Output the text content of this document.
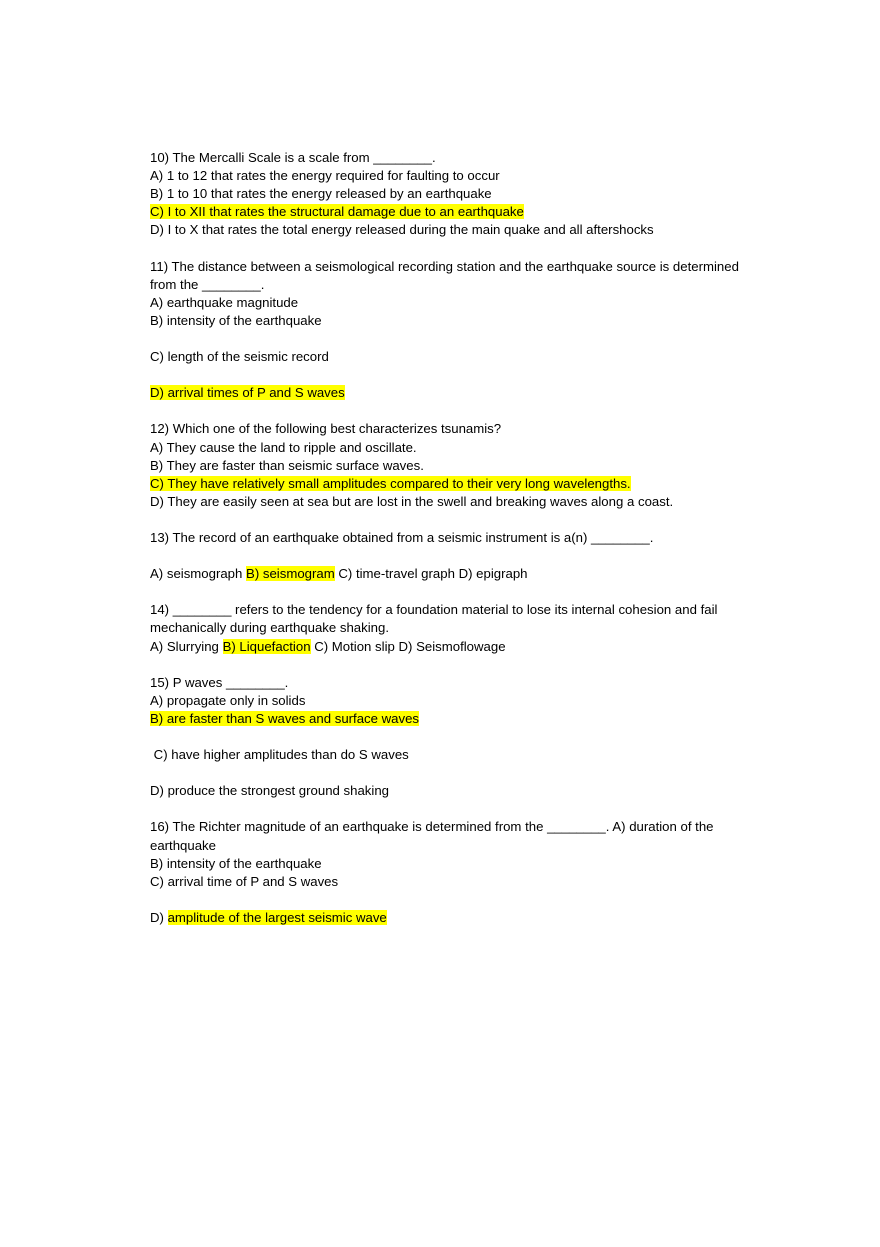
10) The Mercalli Scale is a scale from ________.
A) 1 to 12 that rates the energy required for faulting to occur
B) 1 to 10 that rates the energy released by an earthquake
C) I to XII that rates the structural damage due to an earthquake
D) I to X that rates the total energy released during the main quake and all aftershocks
11) The distance between a seismological recording station and the earthquake source is determined from the ________.
A) earthquake magnitude
B) intensity of the earthquake
C) length of the seismic record
D) arrival times of P and S waves
12) Which one of the following best characterizes tsunamis?
A) They cause the land to ripple and oscillate.
B) They are faster than seismic surface waves.
C) They have relatively small amplitudes compared to their very long wavelengths.
D) They are easily seen at sea but are lost in the swell and breaking waves along a coast.
13) The record of an earthquake obtained from a seismic instrument is a(n) ________.
A) seismograph B) seismogram C) time-travel graph D) epigraph
14) ________ refers to the tendency for a foundation material to lose its internal cohesion and fail mechanically during earthquake shaking.
A) Slurrying B) Liquefaction C) Motion slip D) Seismoflowage
15) P waves ________.
A) propagate only in solids
B) are faster than S waves and surface waves
C) have higher amplitudes than do S waves
D) produce the strongest ground shaking
16) The Richter magnitude of an earthquake is determined from the ________. A) duration of the earthquake
B) intensity of the earthquake
C) arrival time of P and S waves
D) amplitude of the largest seismic wave
